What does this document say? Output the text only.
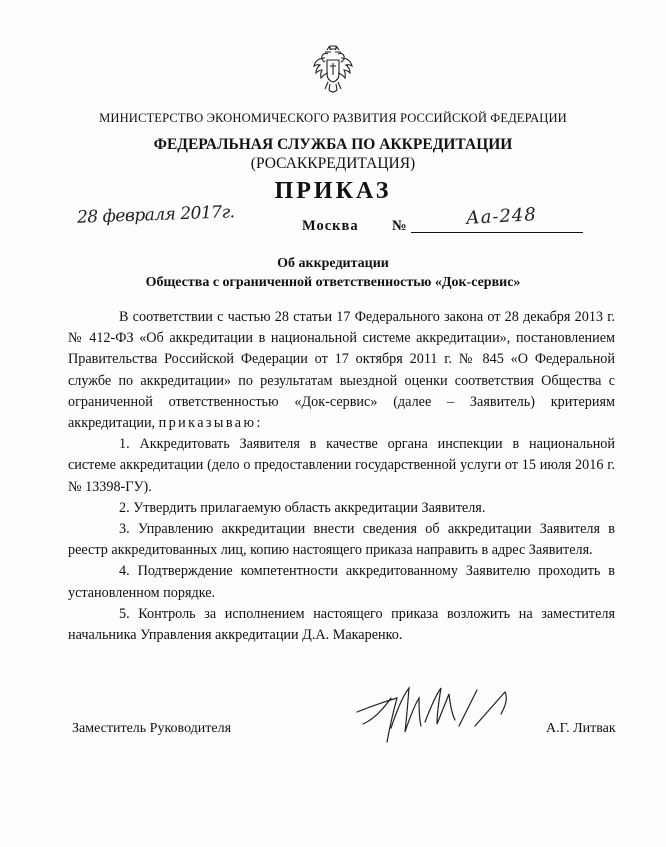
МИНИСТЕРСТВО ЭКОНОМИЧЕСКОГО РАЗВИТИЯ РОССИЙСКОЙ ФЕДЕРАЦИИ
ФЕДЕРАЛЬНАЯ СЛУЖБА ПО АККРЕДИТАЦИИ
(РОСАККРЕДИТАЦИЯ)
ПРИКАЗ
28 февраля 2017г.	Москва №	Аа-248
Об аккредитации
Общества с ограниченной ответственностью «Док-сервис»

В соответствии с частью 28 статьи 17 Федерального закона от 28 декабря 2013 г. № 412-ФЗ «Об аккредитации в национальной системе аккредитации», постановлением Правительства Российской Федерации от 17 октября 2011 г. № 845 «О Федеральной службе по аккредитации» по результатам выездной оценки соответствия Общества с ограниченной ответственностью «Док-сервис» (далее – Заявитель) критериям аккредитации, приказываю:

1. Аккредитовать Заявителя в качестве органа инспекции в национальной системе аккредитации (дело о предоставлении государственной услуги от 15 июля 2016 г. № 13398-ГУ).

2. Утвердить прилагаемую область аккредитации Заявителя.

3. Управлению аккредитации внести сведения об аккредитации Заявителя в реестр аккредитованных лиц, копию настоящего приказа направить в адрес Заявителя.

4. Подтверждение компетентности аккредитованному Заявителю проходить в установленном порядке.

5. Контроль за исполнением настоящего приказа возложить на заместителя начальника Управления аккредитации Д.А. Макаренко.

Заместитель Руководителя	А.Г. Литвак
